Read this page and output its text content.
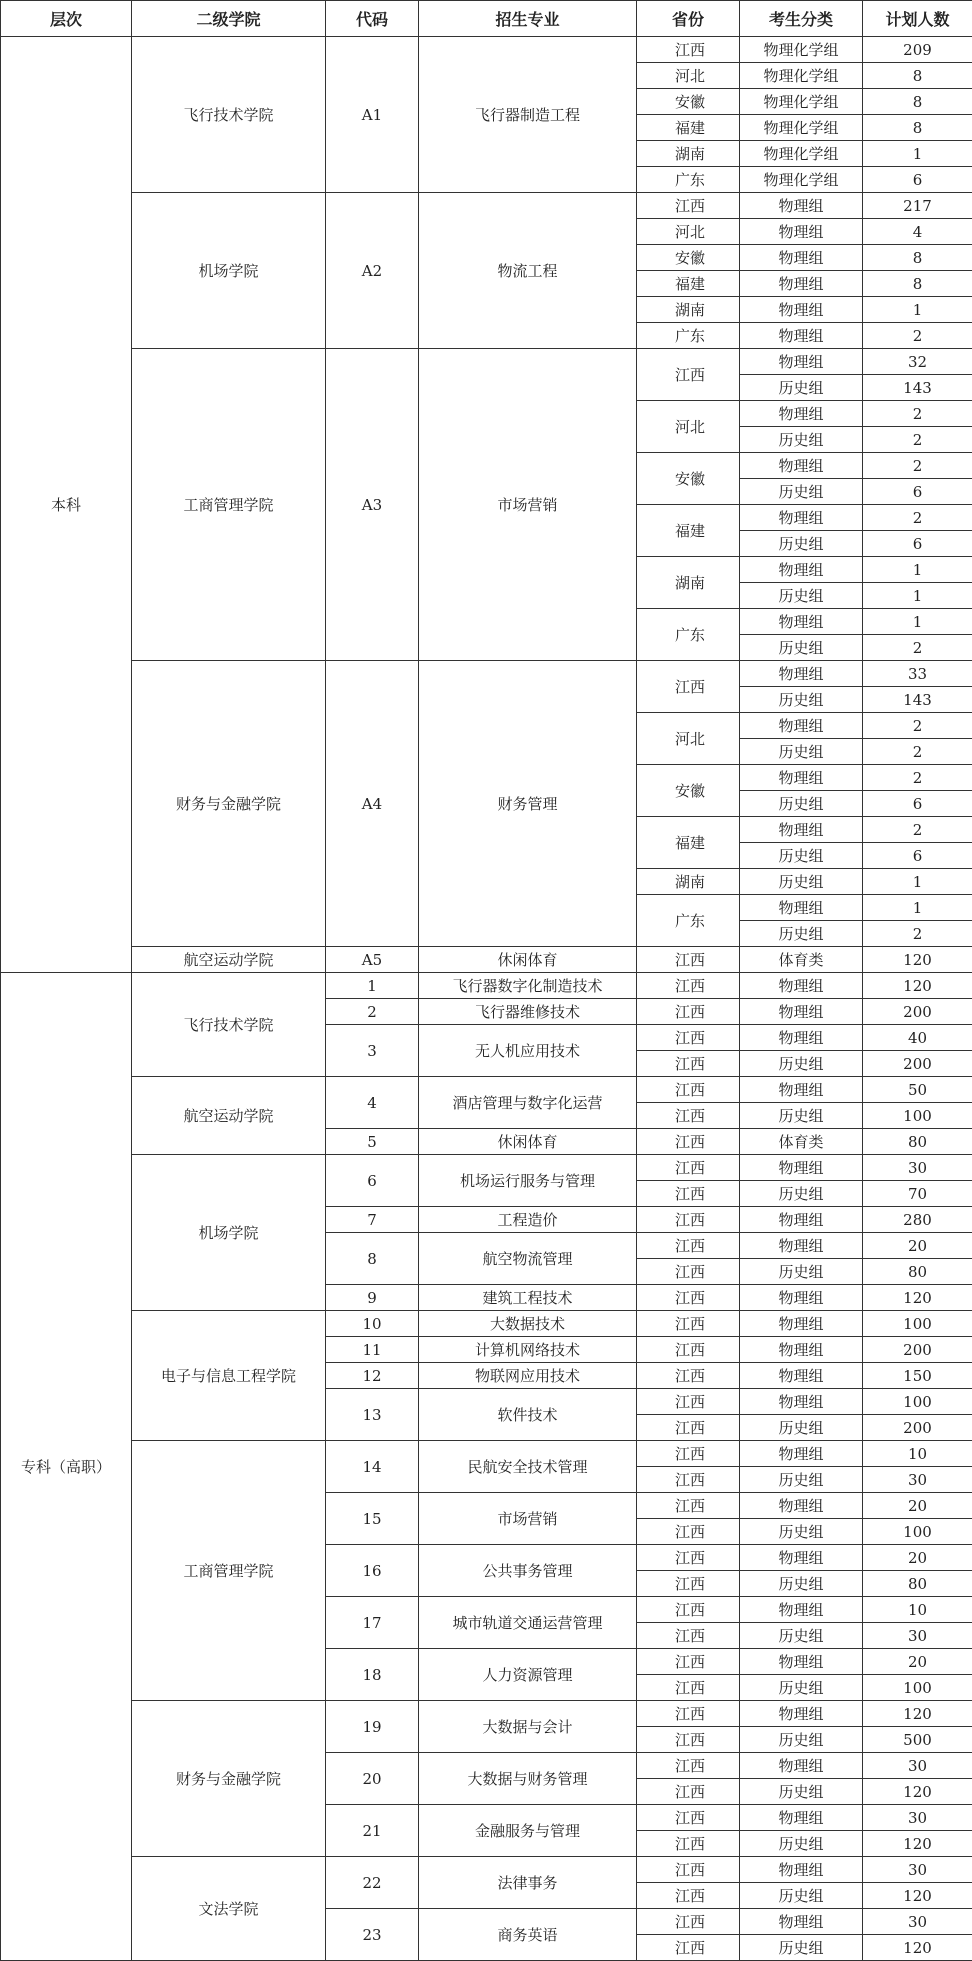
层次	二级学院	代码	招生专业	省份	考生分类	计划人数
本科	飞行技术学院	A1	飞行器制造工程	江西	物理化学组	209
				河北	物理化学组	8
				安徽	物理化学组	8
				福建	物理化学组	8
				湖南	物理化学组	1
				广东	物理化学组	6
	机场学院	A2	物流工程	江西	物理组	217
				河北	物理组	4
				安徽	物理组	8
				福建	物理组	8
				湖南	物理组	1
				广东	物理组	2
	工商管理学院	A3	市场营销	江西	物理组	32
					历史组	143
				河北	物理组	2
					历史组	2
				安徽	物理组	2
					历史组	6
				福建	物理组	2
					历史组	6
				湖南	物理组	1
					历史组	1
				广东	物理组	1
					历史组	2
	财务与金融学院	A4	财务管理	江西	物理组	33
					历史组	143
				河北	物理组	2
					历史组	2
				安徽	物理组	2
					历史组	6
				福建	物理组	2
					历史组	6
				湖南	历史组	1
				广东	物理组	1
					历史组	2
	航空运动学院	A5	休闲体育	江西	体育类	120
专科（高职）	飞行技术学院	1	飞行器数字化制造技术	江西	物理组	120
		2	飞行器维修技术	江西	物理组	200
		3	无人机应用技术	江西	物理组	40
				江西	历史组	200
	航空运动学院	4	酒店管理与数字化运营	江西	物理组	50
				江西	历史组	100
		5	休闲体育	江西	体育类	80
	机场学院	6	机场运行服务与管理	江西	物理组	30
				江西	历史组	70
		7	工程造价	江西	物理组	280
		8	航空物流管理	江西	物理组	20
				江西	历史组	80
		9	建筑工程技术	江西	物理组	120
	电子与信息工程学院	10	大数据技术	江西	物理组	100
		11	计算机网络技术	江西	物理组	200
		12	物联网应用技术	江西	物理组	150
		13	软件技术	江西	物理组	100
				江西	历史组	200
	工商管理学院	14	民航安全技术管理	江西	物理组	10
				江西	历史组	30
		15	市场营销	江西	物理组	20
				江西	历史组	100
		16	公共事务管理	江西	物理组	20
				江西	历史组	80
		17	城市轨道交通运营管理	江西	物理组	10
				江西	历史组	30
		18	人力资源管理	江西	物理组	20
				江西	历史组	100
	财务与金融学院	19	大数据与会计	江西	物理组	120
				江西	历史组	500
		20	大数据与财务管理	江西	物理组	30
				江西	历史组	120
		21	金融服务与管理	江西	物理组	30
				江西	历史组	120
	文法学院	22	法律事务	江西	物理组	30
				江西	历史组	120
		23	商务英语	江西	物理组	30
				江西	历史组	120
